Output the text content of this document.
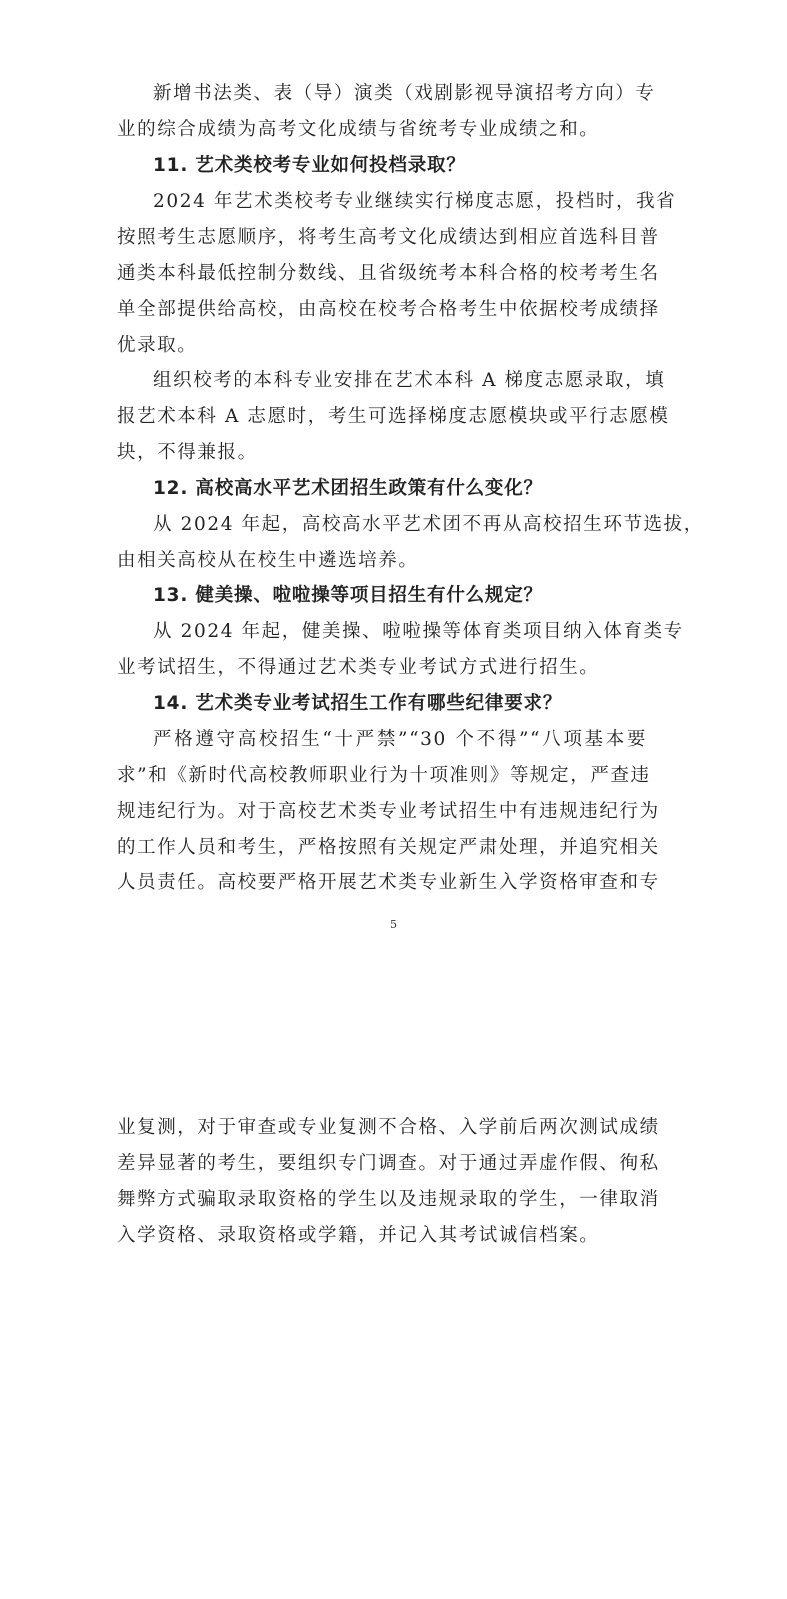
新增书法类、表（导）演类（戏剧影视导演招考方向）专
业的综合成绩为高考文化成绩与省统考专业成绩之和。
11. 艺术类校考专业如何投档录取？
2024 年艺术类校考专业继续实行梯度志愿，投档时，我省
按照考生志愿顺序，将考生高考文化成绩达到相应首选科目普
通类本科最低控制分数线、且省级统考本科合格的校考考生名
单全部提供给高校，由高校在校考合格考生中依据校考成绩择
优录取。
组织校考的本科专业安排在艺术本科 A 梯度志愿录取，填
报艺术本科 A 志愿时，考生可选择梯度志愿模块或平行志愿模
块，不得兼报。
12. 高校高水平艺术团招生政策有什么变化？
从 2024 年起，高校高水平艺术团不再从高校招生环节选拔，
由相关高校从在校生中遴选培养。
13. 健美操、啦啦操等项目招生有什么规定？
从 2024 年起，健美操、啦啦操等体育类项目纳入体育类专
业考试招生，不得通过艺术类专业考试方式进行招生。
14. 艺术类专业考试招生工作有哪些纪律要求？
严格遵守高校招生“十严禁”“30 个不得”“八项基本要
求”和《新时代高校教师职业行为十项准则》等规定，严查违
规违纪行为。对于高校艺术类专业考试招生中有违规违纪行为
的工作人员和考生，严格按照有关规定严肃处理，并追究相关
人员责任。高校要严格开展艺术类专业新生入学资格审查和专
5
业复测，对于审查或专业复测不合格、入学前后两次测试成绩
差异显著的考生，要组织专门调查。对于通过弄虚作假、徇私
舞弊方式骗取录取资格的学生以及违规录取的学生，一律取消
入学资格、录取资格或学籍，并记入其考试诚信档案。
